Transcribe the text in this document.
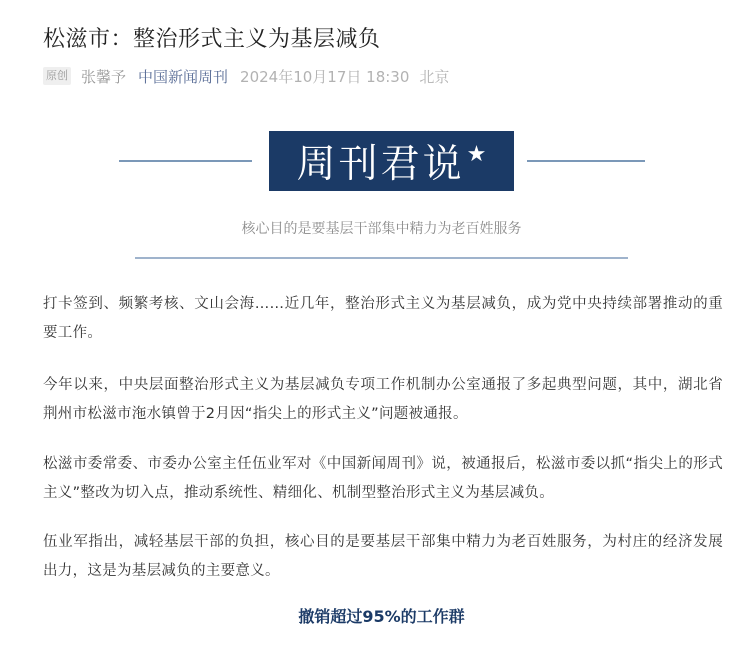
松滋市：整治形式主义为基层减负
原创 张馨予 中国新闻周刊 2024年10月17日 18:30 北京
周刊君说 ★
核心目的是要基层干部集中精力为老百姓服务
打卡签到、频繁考核、文山会海……近几年，整治形式主义为基层减负，成为党中央持续部署推动的重要工作。
今年以来，中央层面整治形式主义为基层减负专项工作机制办公室通报了多起典型问题，其中，湖北省荆州市松滋市沲水镇曾于2月因“指尖上的形式主义”问题被通报。
松滋市委常委、市委办公室主任伍业军对《中国新闻周刊》说，被通报后，松滋市委以抓“指尖上的形式主义”整改为切入点，推动系统性、精细化、机制型整治形式主义为基层减负。
伍业军指出，减轻基层干部的负担，核心目的是要基层干部集中精力为老百姓服务，为村庄的经济发展出力，这是为基层减负的主要意义。
撤销超过95%的工作群
